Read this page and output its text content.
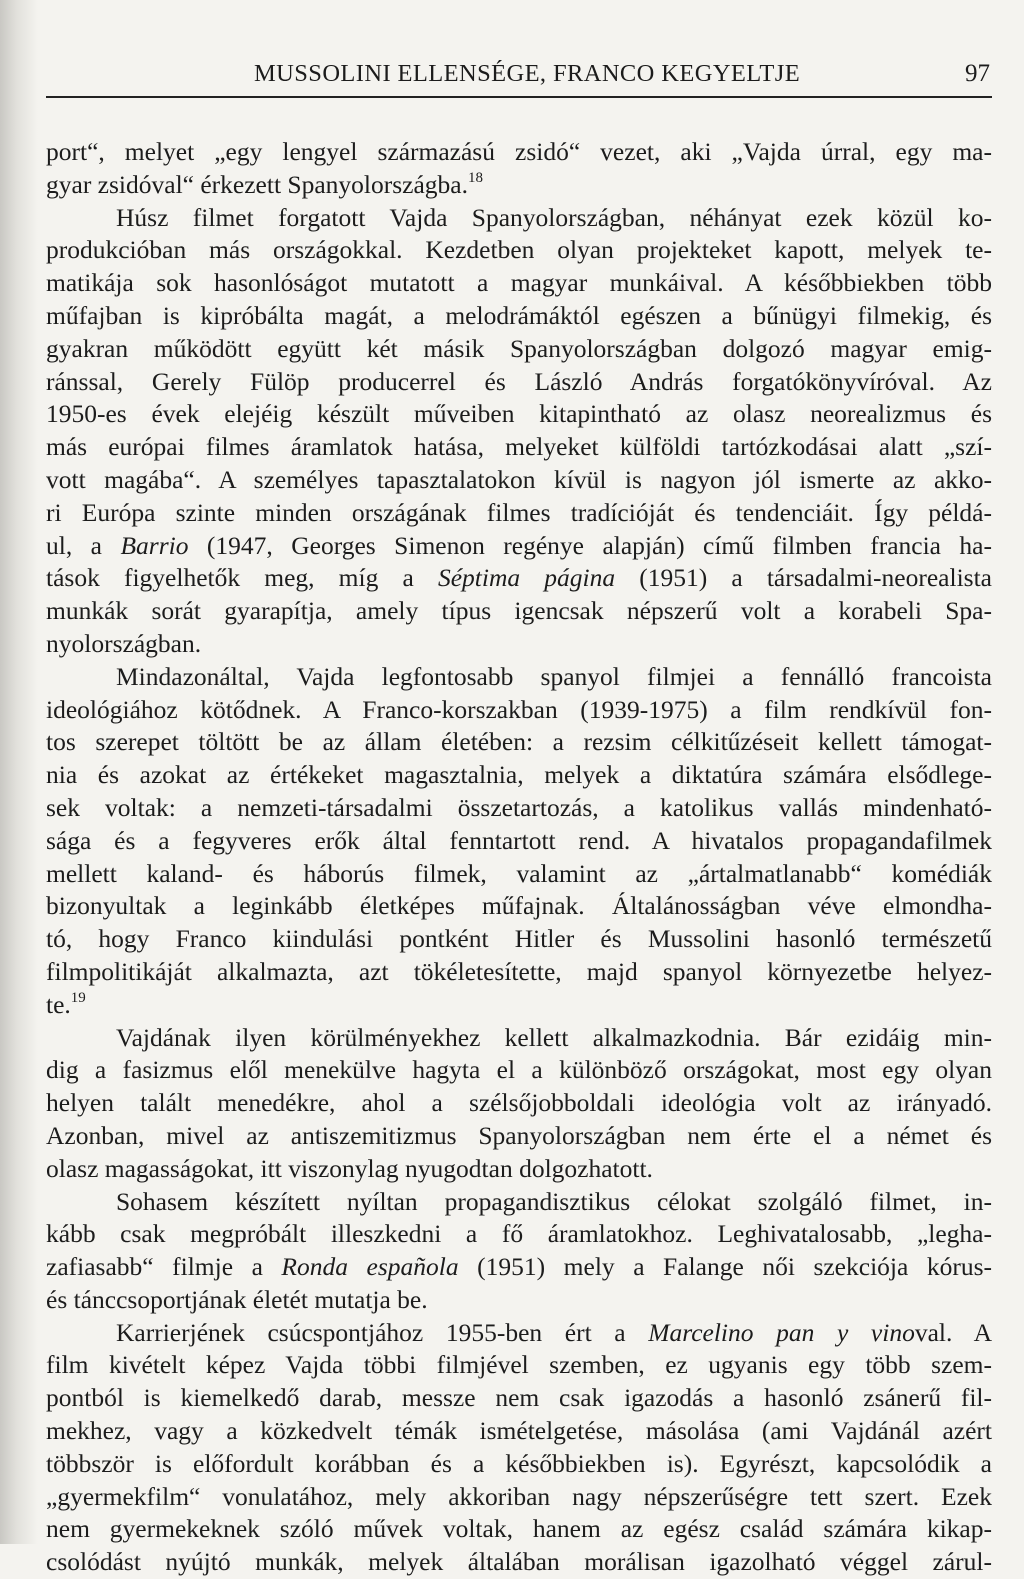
MUSSOLINI ELLENSÉGE, FRANCO KEGYELTJE	97
port“, melyet „egy lengyel származású zsidó“ vezet, aki „Vajda úrral, egy ma-
gyar zsidóval“ érkezett Spanyolországba.$^{18}$
Húsz filmet forgatott Vajda Spanyolországban, néhányat ezek közül ko-
produkcióban más országokkal. Kezdetben olyan projekteket kapott, melyek te-
matikája sok hasonlóságot mutatott a magyar munkáival. A későbbiekben több
műfajban is kipróbálta magát, a melodrámáktól egészen a bűnügyi filmekig, és
gyakran működött együtt két másik Spanyolországban dolgozó magyar emig-
ránssal, Gerely Fülöp producerrel és László András forgatókönyvíróval. Az
1950-es évek elejéig készült műveiben kitapintható az olasz neorealizmus és
más európai filmes áramlatok hatása, melyeket külföldi tartózkodásai alatt „szí-
vott magába“. A személyes tapasztalatokon kívül is nagyon jól ismerte az akko-
ri Európa szinte minden országának filmes tradícióját és tendenciáit. Így példá-
ul, a Barrio (1947, Georges Simenon regénye alapján) című filmben francia ha-
tások figyelhetők meg, míg a Séptima página (1951) a társadalmi-neorealista
munkák sorát gyarapítja, amely típus igencsak népszerű volt a korabeli Spa-
nyolországban.
Mindazonáltal, Vajda legfontosabb spanyol filmjei a fennálló francoista
ideológiához kötődnek. A Franco-korszakban (1939-1975) a film rendkívül fon-
tos szerepet töltött be az állam életében: a rezsim célkitűzéseit kellett támogat-
nia és azokat az értékeket magasztalnia, melyek a diktatúra számára elsődlege-
sek voltak: a nemzeti-társadalmi összetartozás, a katolikus vallás mindenható-
sága és a fegyveres erők által fenntartott rend. A hivatalos propagandafilmek
mellett kaland- és háborús filmek, valamint az „ártalmatlanabb“ komédiák
bizonyultak a leginkább életképes műfajnak. Általánosságban véve elmondha-
tó, hogy Franco kiindulási pontként Hitler és Mussolini hasonló természetű
filmpolitikáját alkalmazta, azt tökéletesítette, majd spanyol környezetbe helyez-
te.$^{19}$
Vajdának ilyen körülményekhez kellett alkalmazkodnia. Bár ezidáig min-
dig a fasizmus elől menekülve hagyta el a különböző országokat, most egy olyan
helyen talált menedékre, ahol a szélsőjobboldali ideológia volt az irányadó.
Azonban, mivel az antiszemitizmus Spanyolországban nem érte el a német és
olasz magasságokat, itt viszonylag nyugodtan dolgozhatott.
Sohasem készített nyíltan propagandisztikus célokat szolgáló filmet, in-
kább csak megpróbált illeszkedni a fő áramlatokhoz. Leghivatalosabb, „legha-
zafiasabb“ filmje a Ronda española (1951) mely a Falange női szekciója kórus-
és tánccsoportjának életét mutatja be.
Karrierjének csúcspontjához 1955-ben ért a Marcelino pan y vinoval. A
film kivételt képez Vajda többi filmjével szemben, ez ugyanis egy több szem-
pontból is kiemelkedő darab, messze nem csak igazodás a hasonló zsánerű fil-
mekhez, vagy a közkedvelt témák ismételgetése, másolása (ami Vajdánál azért
többször is előfordult korábban és a későbbiekben is). Egyrészt, kapcsolódik a
„gyermekfilm“ vonulatához, mely akkoriban nagy népszerűségre tett szert. Ezek
nem gyermekeknek szóló művek voltak, hanem az egész család számára kikap-
csolódást nyújtó munkák, melyek általában morálisan igazolható véggel zárul-
